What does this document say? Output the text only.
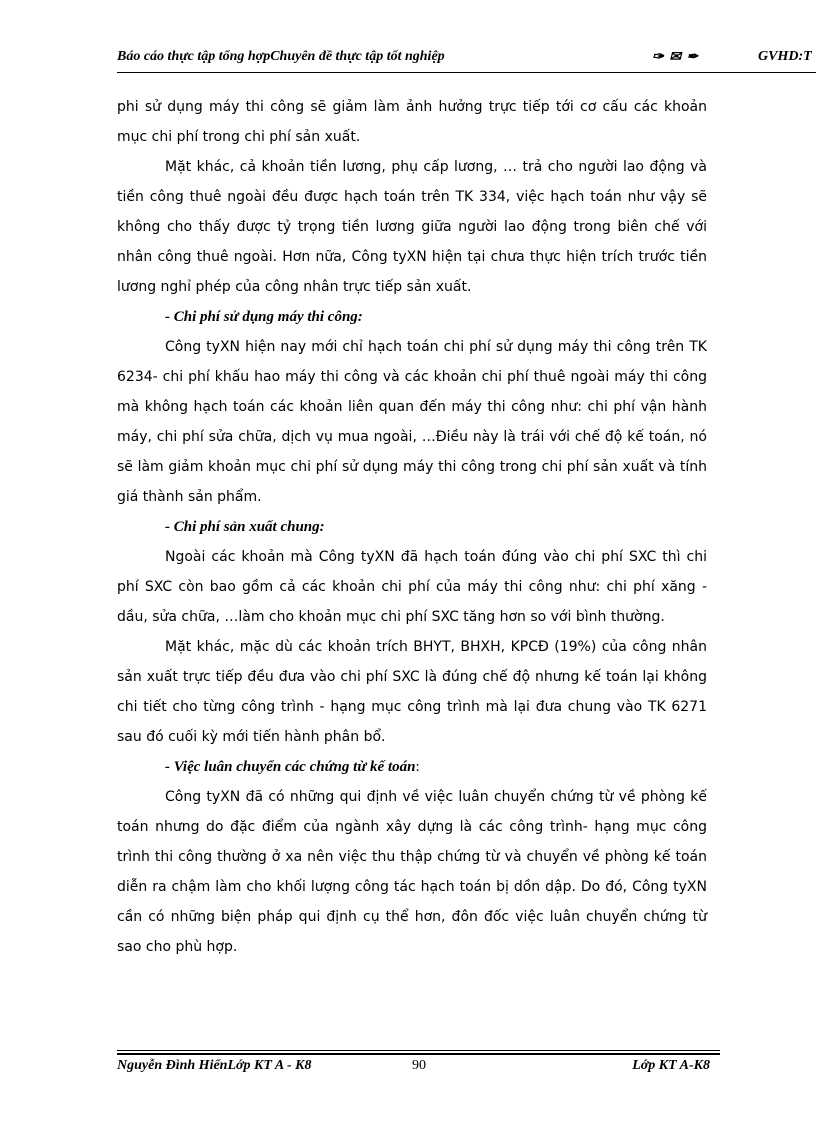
Báo cáo thực tập tổng hợpChuyên đề thực tập tốt nghiệp	✑ ✉ ✒	GVHD:T

phi sử dụng máy thi công sẽ giảm làm ảnh hưởng trực tiếp tới cơ cấu các khoản mục chi phí trong chi phí sản xuất.

Mặt khác, cả khoản tiền lương, phụ cấp lương, … trả cho người lao động và tiền công thuê ngoài đều được hạch toán trên TK 334, việc hạch toán như vậy sẽ không cho thấy được tỷ trọng tiền lương giữa người lao động trong biên chế với nhân công thuê ngoài. Hơn nữa, Công tyXN hiện tại chưa thực hiện trích trước tiền lương nghỉ phép của công nhân trực tiếp sản xuất.

- Chi phí sử dụng máy thi công:

Công tyXN hiện nay mới chỉ hạch toán chi phí sử dụng máy thi công trên TK 6234- chi phí khấu hao máy thi công và các khoản chi phí thuê ngoài máy thi công mà không hạch toán các khoản liên quan đến máy thi công như: chi phí vận hành máy, chi phí sửa chữa, dịch vụ mua ngoài, …Điều này là trái với chế độ kế toán, nó sẽ làm giảm khoản mục chi phí sử dụng máy thi công trong chi phí sản xuất và tính giá thành sản phẩm.

- Chi phí sản xuất chung:

Ngoài các khoản mà Công tyXN đã hạch toán đúng vào chi phí SXC thì chi phí SXC còn bao gồm cả các khoản chi phí của máy thi công như: chi phí xăng - dầu, sửa chữa, …làm cho khoản mục chi phí SXC tăng hơn so với bình thường.

Mặt khác, mặc dù các khoản trích BHYT, BHXH, KPCĐ (19%) của công nhân sản xuất trực tiếp đều đưa vào chi phí SXC là đúng chế độ nhưng kế toán lại không chi tiết cho từng công trình - hạng mục công trình mà lại đưa chung vào TK 6271 sau đó cuối kỳ mới tiến hành phân bổ.

- Việc luân chuyển các chứng từ kế toán:

Công tyXN đã có những qui định về việc luân chuyển chứng từ về phòng kế toán nhưng do đặc điểm của ngành xây dựng là các công trình- hạng mục công trình thi công thường ở xa nên việc thu thập chứng từ và chuyển về phòng kế toán diễn ra chậm làm cho khối lượng công tác hạch toán bị dồn dập. Do đó, Công tyXN cần có những biện pháp qui định cụ thể hơn, đôn đốc việc luân chuyển chứng từ sao cho phù hợp.

Nguyễn Đình HiểnLớp KT A - K8	90	Lớp KT A-K8
